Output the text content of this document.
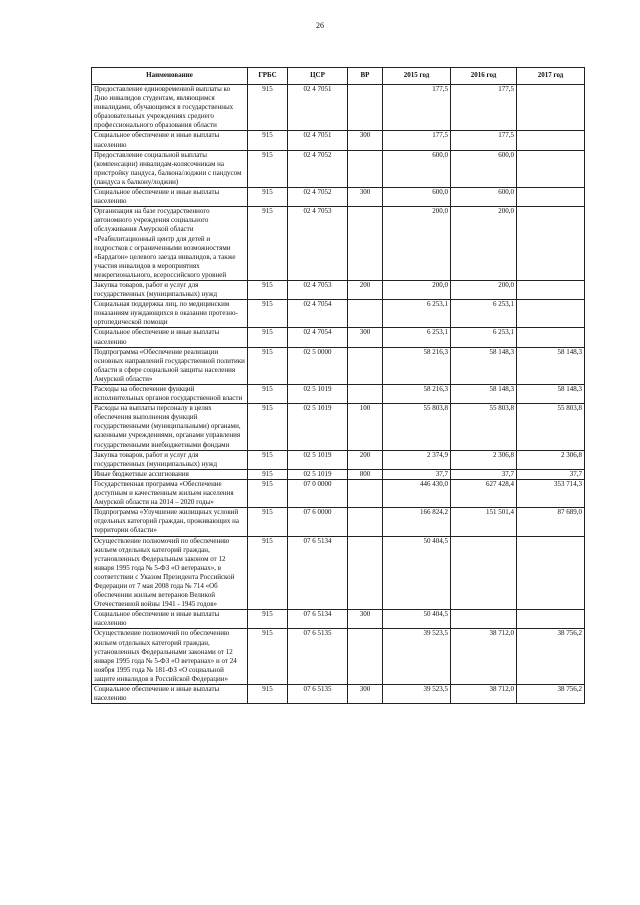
26
Наименование	ГРБС	ЦСР	ВР	2015 год	2016 год	2017 год
Предоставление единовременной выплаты ко Дню инвалидов студентам, являющимся инвалидами, обучающимся в государственных образовательных учреждениях среднего профессионального образования области	915	02 4 7051		177,5	177,5	
Социальное обеспечение и иные выплаты населению	915	02 4 7051	300	177,5	177,5	
Предоставление социальной выплаты (компенсации) инвалидам-колясочникам на пристройку пандуса, балкона/лоджии с пандусом (пандуса к балкону/лоджии)	915	02 4 7052		600,0	600,0	
Социальное обеспечение и иные выплаты населению	915	02 4 7052	300	600,0	600,0	
Организация на базе государственного автономного учреждения социального обслуживания Амурской области «Реабилитационный центр для детей и подростков с ограниченными возможностями «Бардагон» целевого заезда инвалидов, а также участия инвалидов в мероприятиях межрегионального, всероссийского уровней	915	02 4 7053		200,0	200,0	
Закупка товаров, работ и услуг для государственных (муниципальных) нужд	915	02 4 7053	200	200,0	200,0	
Социальная поддержка лиц, по медицинским показаниям нуждающихся в оказании протезно-ортопедической помощи	915	02 4 7054		6 253,1	6 253,1	
Социальное обеспечение и иные выплаты населению	915	02 4 7054	300	6 253,1	6 253,1	
Подпрограмма «Обеспечение реализации основных направлений государственной политики области в сфере социальной защиты населения Амурской области»	915	02 5 0000		58 216,3	58 148,3	58 148,3
Расходы на обеспечение функций исполнительных органов государственной власти	915	02 5 1019		58 216,3	58 148,3	58 148,3
Расходы на выплаты персоналу в целях обеспечения выполнения функций государственными (муниципальными) органами, казенными учреждениями, органами управления государственными внебюджетными фондами	915	02 5 1019	100	55 803,8	55 803,8	55 803,8
Закупка товаров, работ и услуг для государственных (муниципальных) нужд	915	02 5 1019	200	2 374,9	2 306,8	2 306,8
Иные бюджетные ассигнования	915	02 5 1019	800	37,7	37,7	37,7
Государственная программа «Обеспечение доступным и качественным жильем населения Амурской области на 2014 – 2020 годы»	915	07 0 0000		446 430,0	627 428,4	353 714,3
Подпрограмма «Улучшение жилищных условий отдельных категорий граждан, проживающих на территории области»	915	07 6 0000		166 824,2	151 501,4	87 689,0
Осуществление полномочий по обеспечению жильем отдельных категорий граждан, установленных Федеральным законом от 12 января 1995 года № 5-ФЗ «О ветеранах», в соответствии с Указом Президента Российской Федерации от 7 мая 2008 года № 714 «Об обеспечении жильем ветеранов Великой Отечественной войны 1941 - 1945 годов»	915	07 6 5134		50 404,5		
Социальное обеспечение и иные выплаты населению	915	07 6 5134	300	50 404,5		
Осуществление полномочий по обеспечению жильем отдельных категорий граждан, установленных Федеральными законами от 12 января 1995 года № 5-ФЗ «О ветеранах» и от 24 ноября 1995 года № 181-ФЗ «О социальной защите инвалидов в Российской Федерации»	915	07 6 5135		39 523,5	38 712,0	38 756,2
Социальное обеспечение и иные выплаты населению	915	07 6 5135	300	39 523,5	38 712,0	38 756,2
